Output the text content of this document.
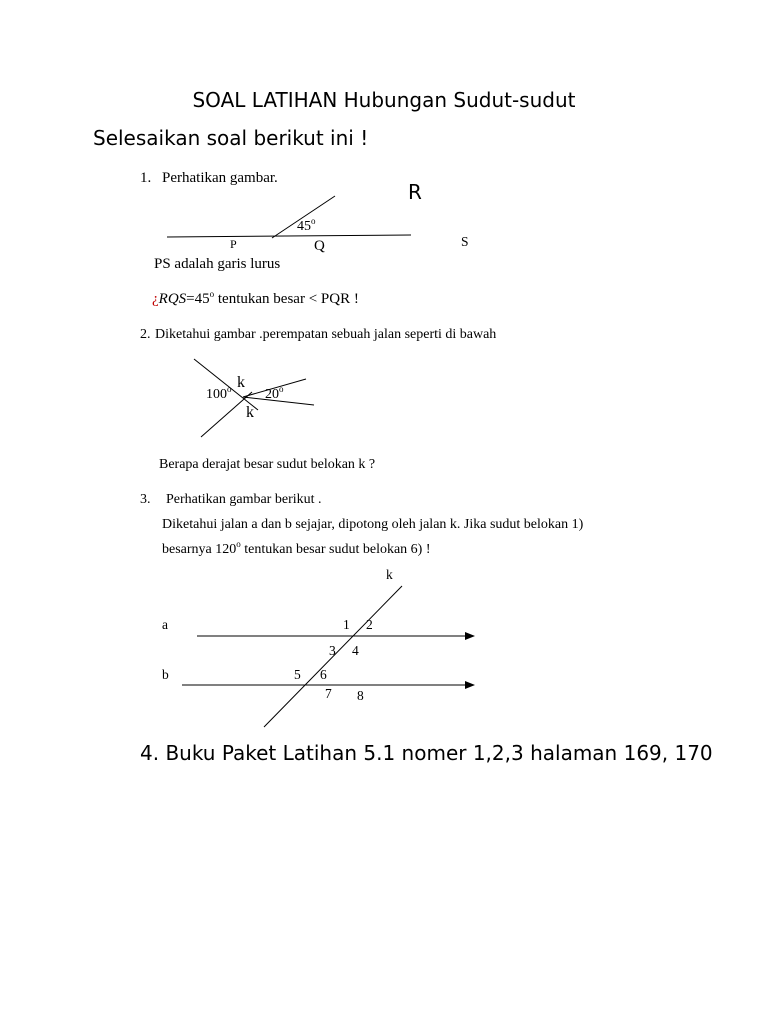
SOAL LATIHAN Hubungan Sudut-sudut
Selesaikan soal berikut ini !
1. Perhatikan gambar.
R
45$^o$
P	Q	S
PS adalah garis lurus
¿$RQS=45^o$ tentukan besar < PQR !
2. Diketahui gambar .perempatan sebuah jalan seperti di bawah
100$^o$ k
20$^o$
k
Berapa derajat besar sudut belokan k ?
3. Perhatikan gambar berikut .
Diketahui jalan a dan b sejajar, dipotong oleh jalan k. Jika sudut belokan 1)
besarnya 120$^o$ tentukan besar sudut belokan 6) !
k
a
b
1 2
3 4
5 6
7 8
4. Buku Paket Latihan 5.1 nomer 1,2,3 halaman 169, 170
